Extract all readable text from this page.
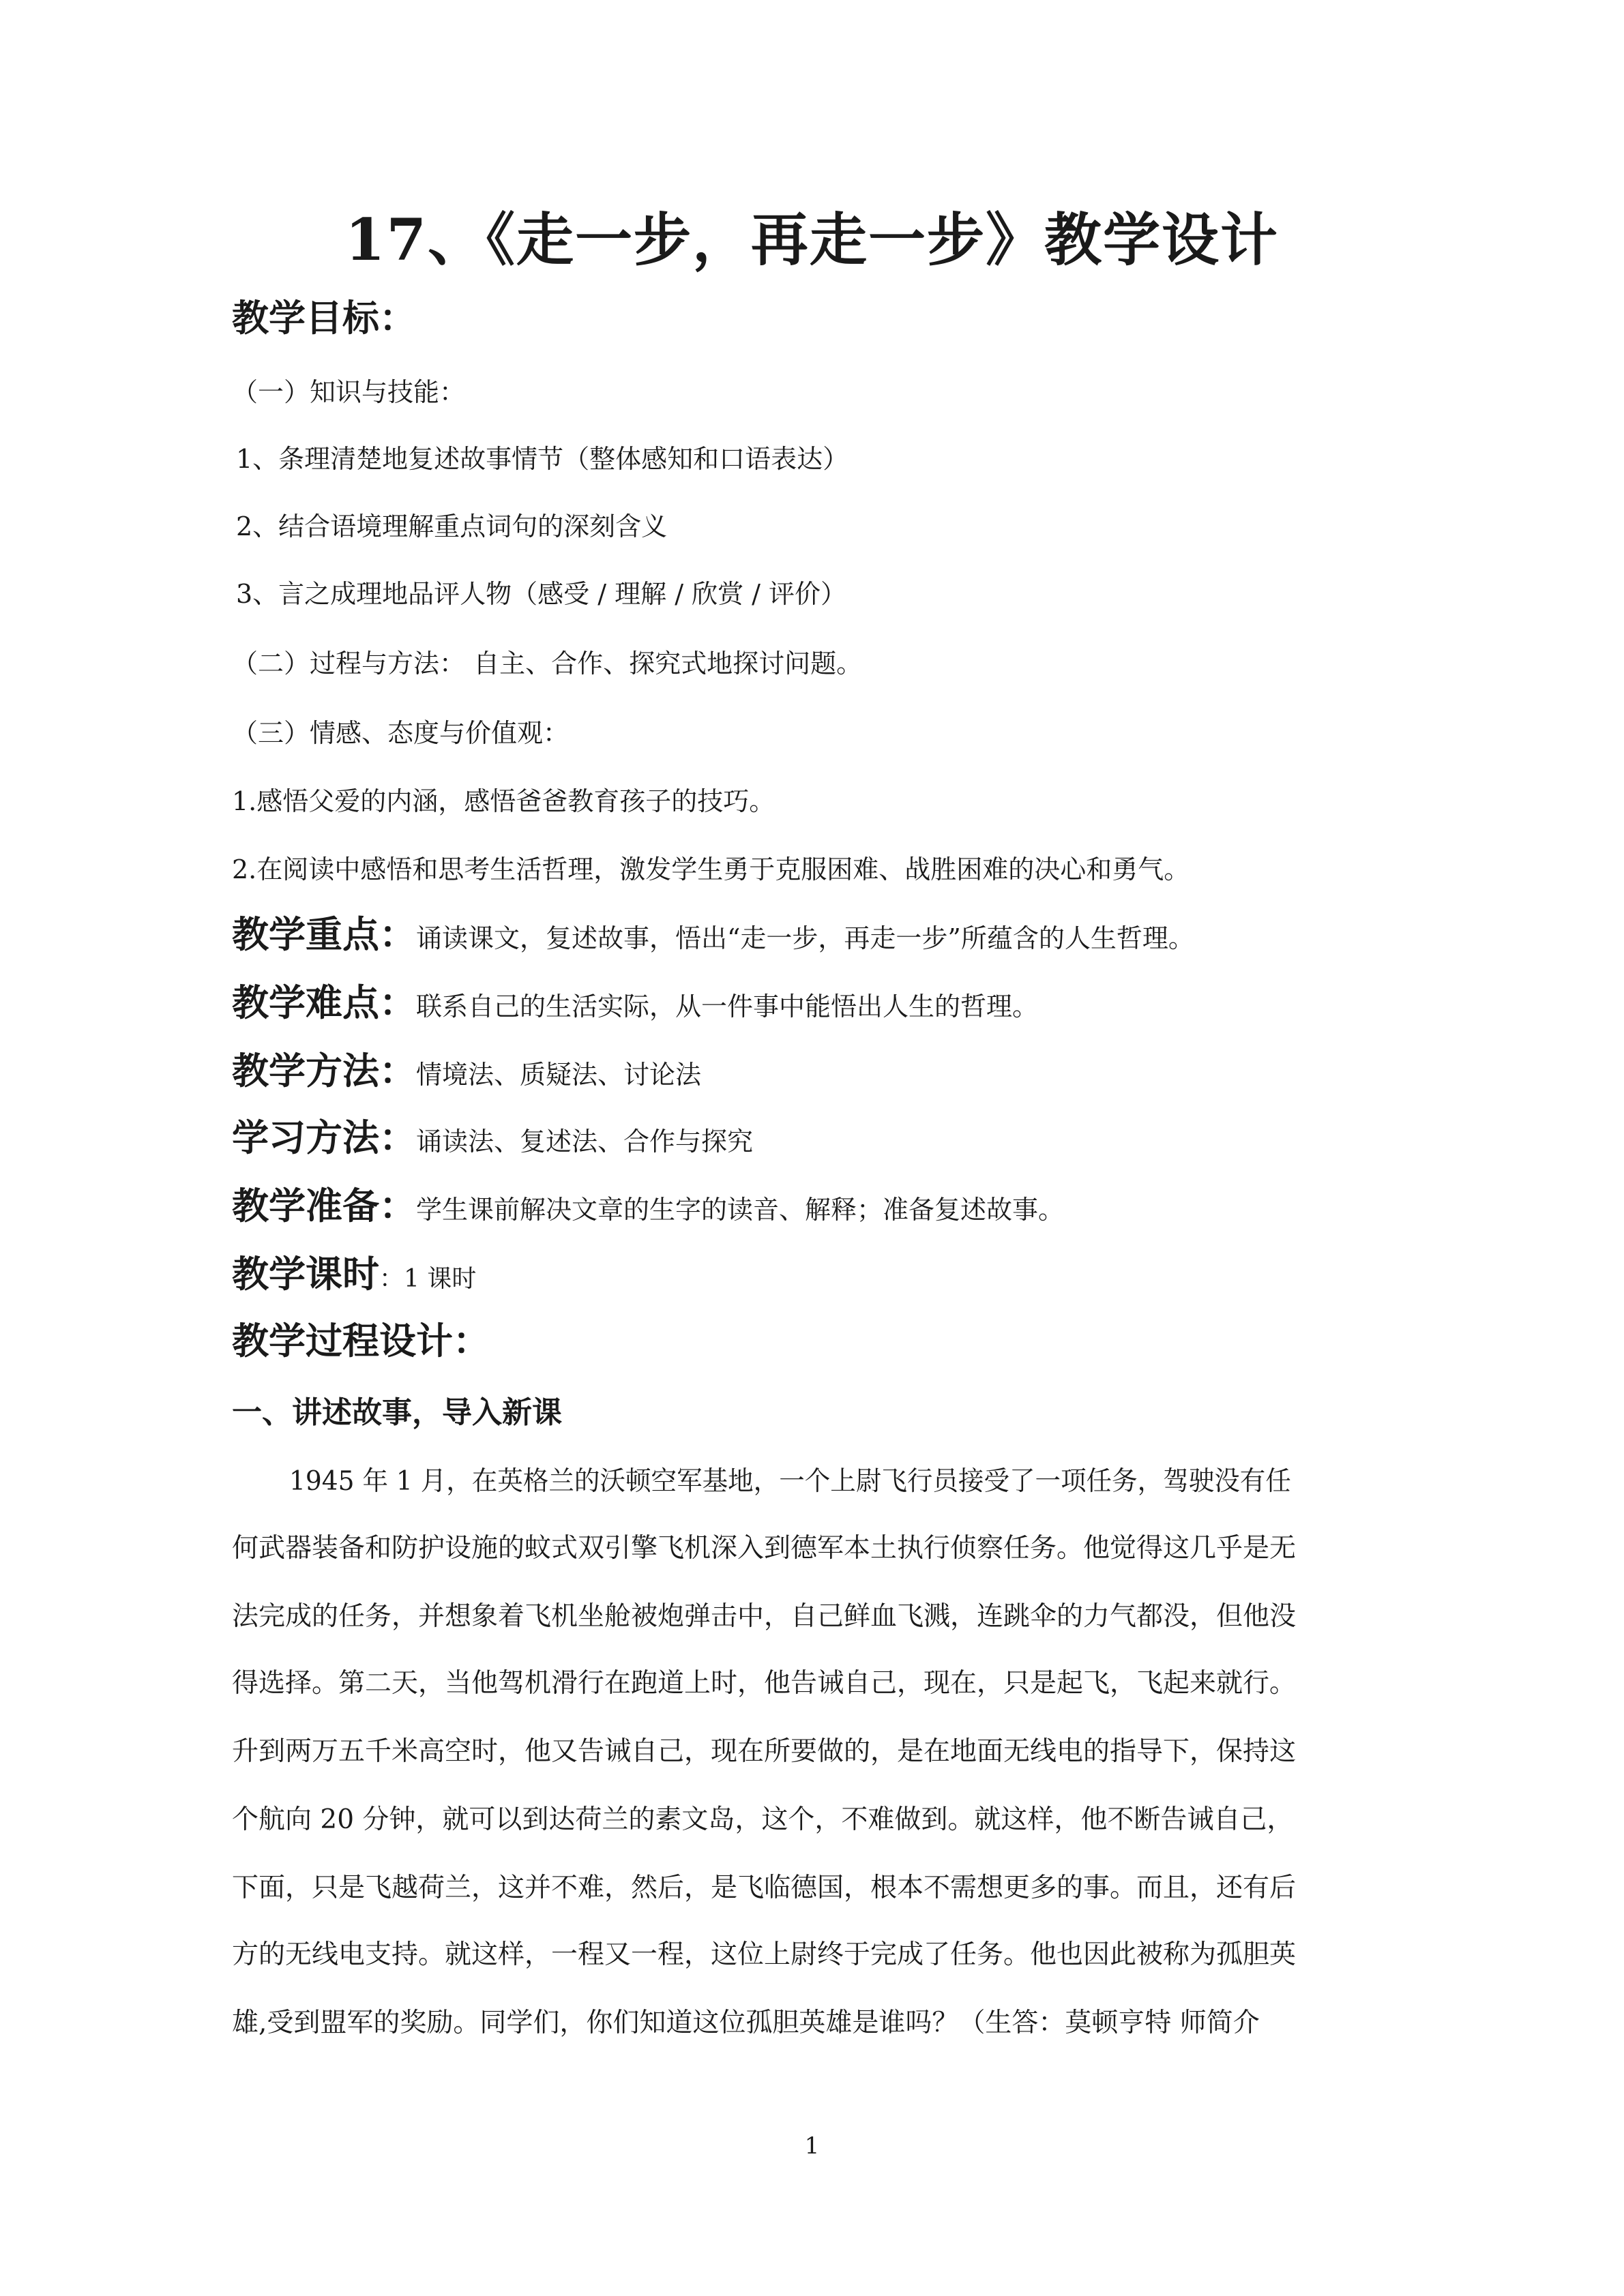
17、《走一步，再走一步》教学设计
教学目标：
（一）知识与技能：
1、条理清楚地复述故事情节（整体感知和口语表达）
2、结合语境理解重点词句的深刻含义
3、言之成理地品评人物（感受 / 理解 / 欣赏 / 评价）
（二）过程与方法： 自主、合作、探究式地探讨问题。
（三）情感、态度与价值观：
1.感悟父爱的内涵，感悟爸爸教育孩子的技巧。
2.在阅读中感悟和思考生活哲理，激发学生勇于克服困难、战胜困难的决心和勇气。
教学重点：诵读课文，复述故事，悟出“走一步，再走一步”所蕴含的人生哲理。
教学难点：联系自己的生活实际，从一件事中能悟出人生的哲理。
教学方法：情境法、质疑法、讨论法
学习方法：诵读法、复述法、合作与探究
教学准备：学生课前解决文章的生字的读音、解释；准备复述故事。
教学课时：1 课时
教学过程设计：
一、讲述故事，导入新课
1945 年 1 月，在英格兰的沃顿空军基地，一个上尉飞行员接受了一项任务，驾驶没有任
何武器装备和防护设施的蚊式双引擎飞机深入到德军本土执行侦察任务。他觉得这几乎是无
法完成的任务，并想象着飞机坐舱被炮弹击中，自己鲜血飞溅，连跳伞的力气都没，但他没
得选择。第二天，当他驾机滑行在跑道上时，他告诫自己，现在，只是起飞，飞起来就行。
升到两万五千米高空时，他又告诫自己，现在所要做的，是在地面无线电的指导下，保持这
个航向 20 分钟，就可以到达荷兰的素文岛，这个，不难做到。就这样，他不断告诫自己，
下面，只是飞越荷兰，这并不难，然后，是飞临德国，根本不需想更多的事。而且，还有后
方的无线电支持。就这样，一程又一程，这位上尉终于完成了任务。他也因此被称为孤胆英
雄,受到盟军的奖励。同学们，你们知道这位孤胆英雄是谁吗？（生答：莫顿亨特 师简介
1
